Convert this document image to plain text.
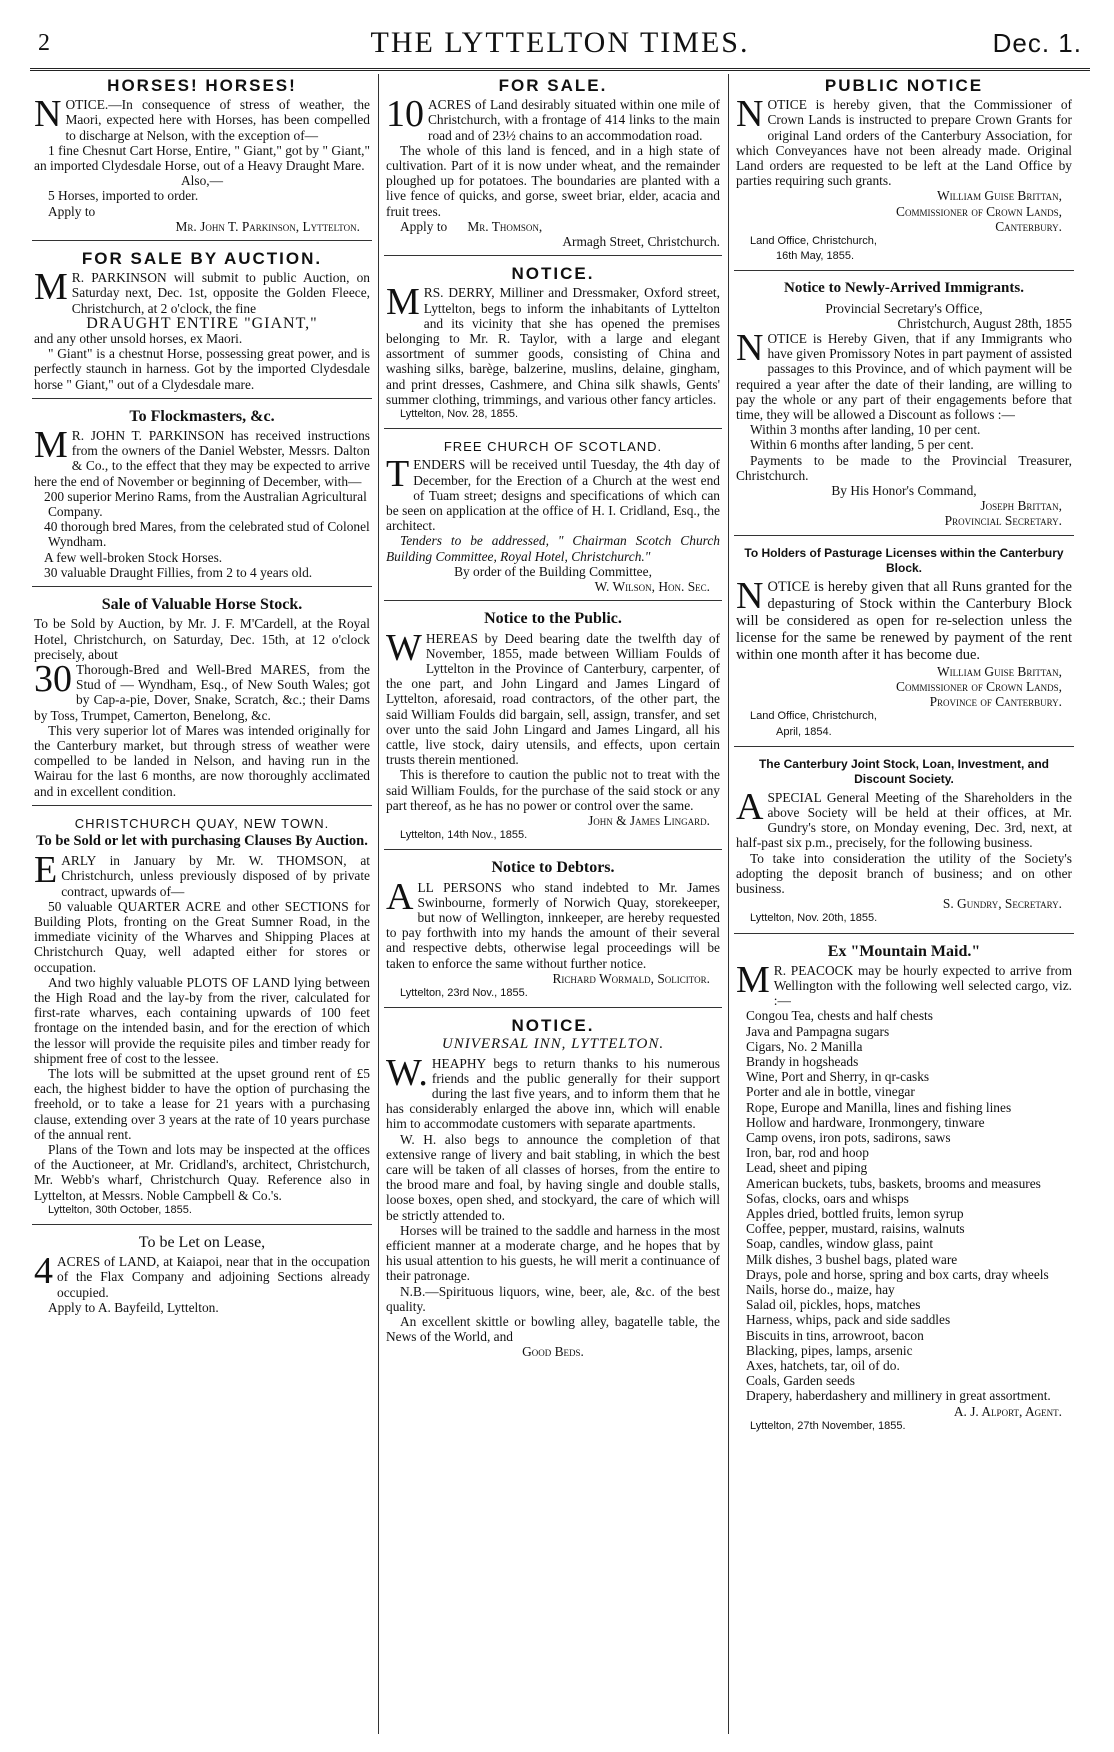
2	THE LYTTELTON TIMES.	Dec. 1.
HORSES! HORSES!

NOTICE.—In consequence of stress of weather, the Maori, expected here with Horses, has been compelled to discharge at Nelson, with the exception of—

1 fine Chesnut Cart Horse, Entire, " Giant," got by " Giant," an imported Clydesdale Horse, out of a Heavy Draught Mare.

Also,—

5 Horses, imported to order.

Apply to

Mr. John T. Parkinson, Lyttelton.

FOR SALE BY AUCTION.

M R. PARKINSON will submit to public Auction, on Saturday next, Dec. 1st, opposite the Golden Fleece, Christchurch, at 2 o'clock, the fine

DRAUGHT ENTIRE "GIANT,"

and any other unsold horses, ex Maori.

" Giant" is a chestnut Horse, possessing great power, and is perfectly staunch in harness. Got by the imported Clydesdale horse " Giant," out of a Clydesdale mare.

To Flockmasters, &c.

M R. JOHN T. PARKINSON has received instructions from the owners of the Daniel Webster, Messrs. Dalton & Co., to the effect that they may be expected to arrive here the end of November or beginning of December, with—

200 superior Merino Rams, from the Australian Agricultural Company.
40 thorough bred Mares, from the celebrated stud of Colonel Wyndham.
A few well-broken Stock Horses.
30 valuable Draught Fillies, from 2 to 4 years old.
Sale of Valuable Horse Stock.

To be Sold by Auction, by Mr. J. F. M'Cardell, at the Royal Hotel, Christchurch, on Saturday, Dec. 15th, at 12 o'clock precisely, about

30 Thorough-Bred and Well-Bred MARES, from the Stud of — Wyndham, Esq., of New South Wales; got by Cap-a-pie, Dover, Snake, Scratch, &c.; their Dams by Toss, Trumpet, Camerton, Benelong, &c.

This very superior lot of Mares was intended originally for the Canterbury market, but through stress of weather were compelled to be landed in Nelson, and having run in the Wairau for the last 6 months, are now thoroughly acclimated and in excellent condition.

CHRISTCHURCH QUAY, NEW TOWN.
To be Sold or let with purchasing Clauses By Auction.

EARLY in January by Mr. W. THOMSON, at Christchurch, unless previously disposed of by private contract, upwards of—

50 valuable QUARTER ACRE and other SECTIONS for Building Plots, fronting on the Great Sumner Road, in the immediate vicinity of the Wharves and Shipping Places at Christchurch Quay, well adapted either for stores or occupation.

And two highly valuable PLOTS OF LAND lying between the High Road and the lay-by from the river, calculated for first-rate wharves, each containing upwards of 100 feet frontage on the intended basin, and for the erection of which the lessor will provide the requisite piles and timber ready for shipment free of cost to the lessee.

The lots will be submitted at the upset ground rent of £5 each, the highest bidder to have the option of purchasing the freehold, or to take a lease for 21 years with a purchasing clause, extending over 3 years at the rate of 10 years purchase of the annual rent.

Plans of the Town and lots may be inspected at the offices of the Auctioneer, at Mr. Cridland's, architect, Christchurch, Mr. Webb's wharf, Christchurch Quay. Reference also in Lyttelton, at Messrs. Noble Campbell & Co.'s.

Lyttelton, 30th October, 1855.

To be Let on Lease,

4 ACRES of LAND, at Kaiapoi, near that in the occupation of the Flax Company and adjoining Sections already occupied.

Apply to A. Bayfeild, Lyttelton.

FOR SALE.

10 ACRES of Land desirably situated within one mile of Christchurch, with a frontage of 414 links to the main road and of 23½ chains to an accommodation road.

The whole of this land is fenced, and in a high state of cultivation. Part of it is now under wheat, and the remainder ploughed up for potatoes. The boundaries are planted with a live fence of quicks, and gorse, sweet briar, elder, acacia and fruit trees.

Apply to Mr. Thomson,

Armagh Street, Christchurch.

NOTICE.

MRS. DERRY, Milliner and Dressmaker, Oxford street, Lyttelton, begs to inform the inhabitants of Lyttelton and its vicinity that she has opened the premises belonging to Mr. R. Taylor, with a large and elegant assortment of summer goods, consisting of China and washing silks, barège, balzerine, muslins, delaine, gingham, and print dresses, Cashmere, and China silk shawls, Gents' summer clothing, trimmings, and various other fancy articles.

Lyttelton, Nov. 28, 1855.

FREE CHURCH OF SCOTLAND.

TENDERS will be received until Tuesday, the 4th day of December, for the Erection of a Church at the west end of Tuam street; designs and specifications of which can be seen on application at the office of H. I. Cridland, Esq., the architect.

Tenders to be addressed, " Chairman Scotch Church Building Committee, Royal Hotel, Christchurch."

By order of the Building Committee,

W. Wilson, Hon. Sec.

Notice to the Public.

WHEREAS by Deed bearing date the twelfth day of November, 1855, made between William Foulds of Lyttelton in the Province of Canterbury, carpenter, of the one part, and John Lingard and James Lingard of Lyttelton, aforesaid, road contractors, of the other part, the said William Foulds did bargain, sell, assign, transfer, and set over unto the said John Lingard and James Lingard, all his cattle, live stock, dairy utensils, and effects, upon certain trusts therein mentioned.

This is therefore to caution the public not to treat with the said William Foulds, for the purchase of the said stock or any part thereof, as he has no power or control over the same.

John & James Lingard.

Lyttelton, 14th Nov., 1855.

Notice to Debtors.

ALL PERSONS who stand indebted to Mr. James Swinbourne, formerly of Norwich Quay, storekeeper, but now of Wellington, innkeeper, are hereby requested to pay forthwith into my hands the amount of their several and respective debts, otherwise legal proceedings will be taken to enforce the same without further notice.

Richard Wormald, Solicitor.

Lyttelton, 23rd Nov., 1855.

NOTICE.
UNIVERSAL INN, LYTTELTON.

W. HEAPHY begs to return thanks to his numerous friends and the public generally for their support during the last five years, and to inform them that he has considerably enlarged the above inn, which will enable him to accommodate customers with separate apartments.

W. H. also begs to announce the completion of that extensive range of livery and bait stabling, in which the best care will be taken of all classes of horses, from the entire to the brood mare and foal, by having single and double stalls, loose boxes, open shed, and stockyard, the care of which will be strictly attended to.

Horses will be trained to the saddle and harness in the most efficient manner at a moderate charge, and he hopes that by his usual attention to his guests, he will merit a continuance of their patronage.

N.B.—Spirituous liquors, wine, beer, ale, &c. of the best quality.

An excellent skittle or bowling alley, bagatelle table, the News of the World, and

Good Beds.

PUBLIC NOTICE

NOTICE is hereby given, that the Commissioner of Crown Lands is instructed to prepare Crown Grants for original Land orders of the Canterbury Association, for which Conveyances have not been already made. Original Land orders are requested to be left at the Land Office by parties requiring such grants.

William Guise Brittan,

Commissioner of Crown Lands,

Canterbury.

Land Office, Christchurch,

16th May, 1855.

Notice to Newly-Arrived Immigrants.

Provincial Secretary's Office,

Christchurch, August 28th, 1855

NOTICE is Hereby Given, that if any Immigrants who have given Promissory Notes in part payment of assisted passages to this Province, and of which payment will be required a year after the date of their landing, are willing to pay the whole or any part of their engagements before that time, they will be allowed a Discount as follows :—

Within 3 months after landing, 10 per cent.

Within 6 months after landing, 5 per cent.

Payments to be made to the Provincial Treasurer, Christchurch.

By His Honor's Command,

Joseph Brittan,

Provincial Secretary.

To Holders of Pasturage Licenses within the Canterbury Block.

NOTICE is hereby given that all Runs granted for the depasturing of Stock within the Canterbury Block will be considered as open for re-selection unless the license for the same be renewed by payment of the rent within one month after it has become due.

William Guise Brittan,

Commissioner of Crown Lands,

Province of Canterbury.

Land Office, Christchurch,

April, 1854.

The Canterbury Joint Stock, Loan, Investment, and Discount Society.

ASPECIAL General Meeting of the Shareholders in the above Society will be held at their offices, at Mr. Gundry's store, on Monday evening, Dec. 3rd, next, at half-past six p.m., precisely, for the following business.

To take into consideration the utility of the Society's adopting the deposit branch of business; and on other business.

S. Gundry, Secretary.

Lyttelton, Nov. 20th, 1855.

Ex "Mountain Maid."

M R. PEACOCK may be hourly expected to arrive from Wellington with the following well selected cargo, viz. :—

Congou Tea, chests and half chests
Java and Pampagna sugars
Cigars, No. 2 Manilla
Brandy in hogsheads
Wine, Port and Sherry, in qr-casks
Porter and ale in bottle, vinegar
Rope, Europe and Manilla, lines and fishing lines
Hollow and hardware, Ironmongery, tinware
Camp ovens, iron pots, sadirons, saws
Iron, bar, rod and hoop
Lead, sheet and piping
American buckets, tubs, baskets, brooms and measures
Sofas, clocks, oars and whisps
Apples dried, bottled fruits, lemon syrup
Coffee, pepper, mustard, raisins, walnuts
Soap, candles, window glass, paint
Milk dishes, 3 bushel bags, plated ware
Drays, pole and horse, spring and box carts, dray wheels
Nails, horse do., maize, hay
Salad oil, pickles, hops, matches
Harness, whips, pack and side saddles
Biscuits in tins, arrowroot, bacon
Blacking, pipes, lamps, arsenic
Axes, hatchets, tar, oil of do.
Coals, Garden seeds
Drapery, haberdashery and millinery in great assortment.

A. J. Alport, Agent.

Lyttelton, 27th November, 1855.
